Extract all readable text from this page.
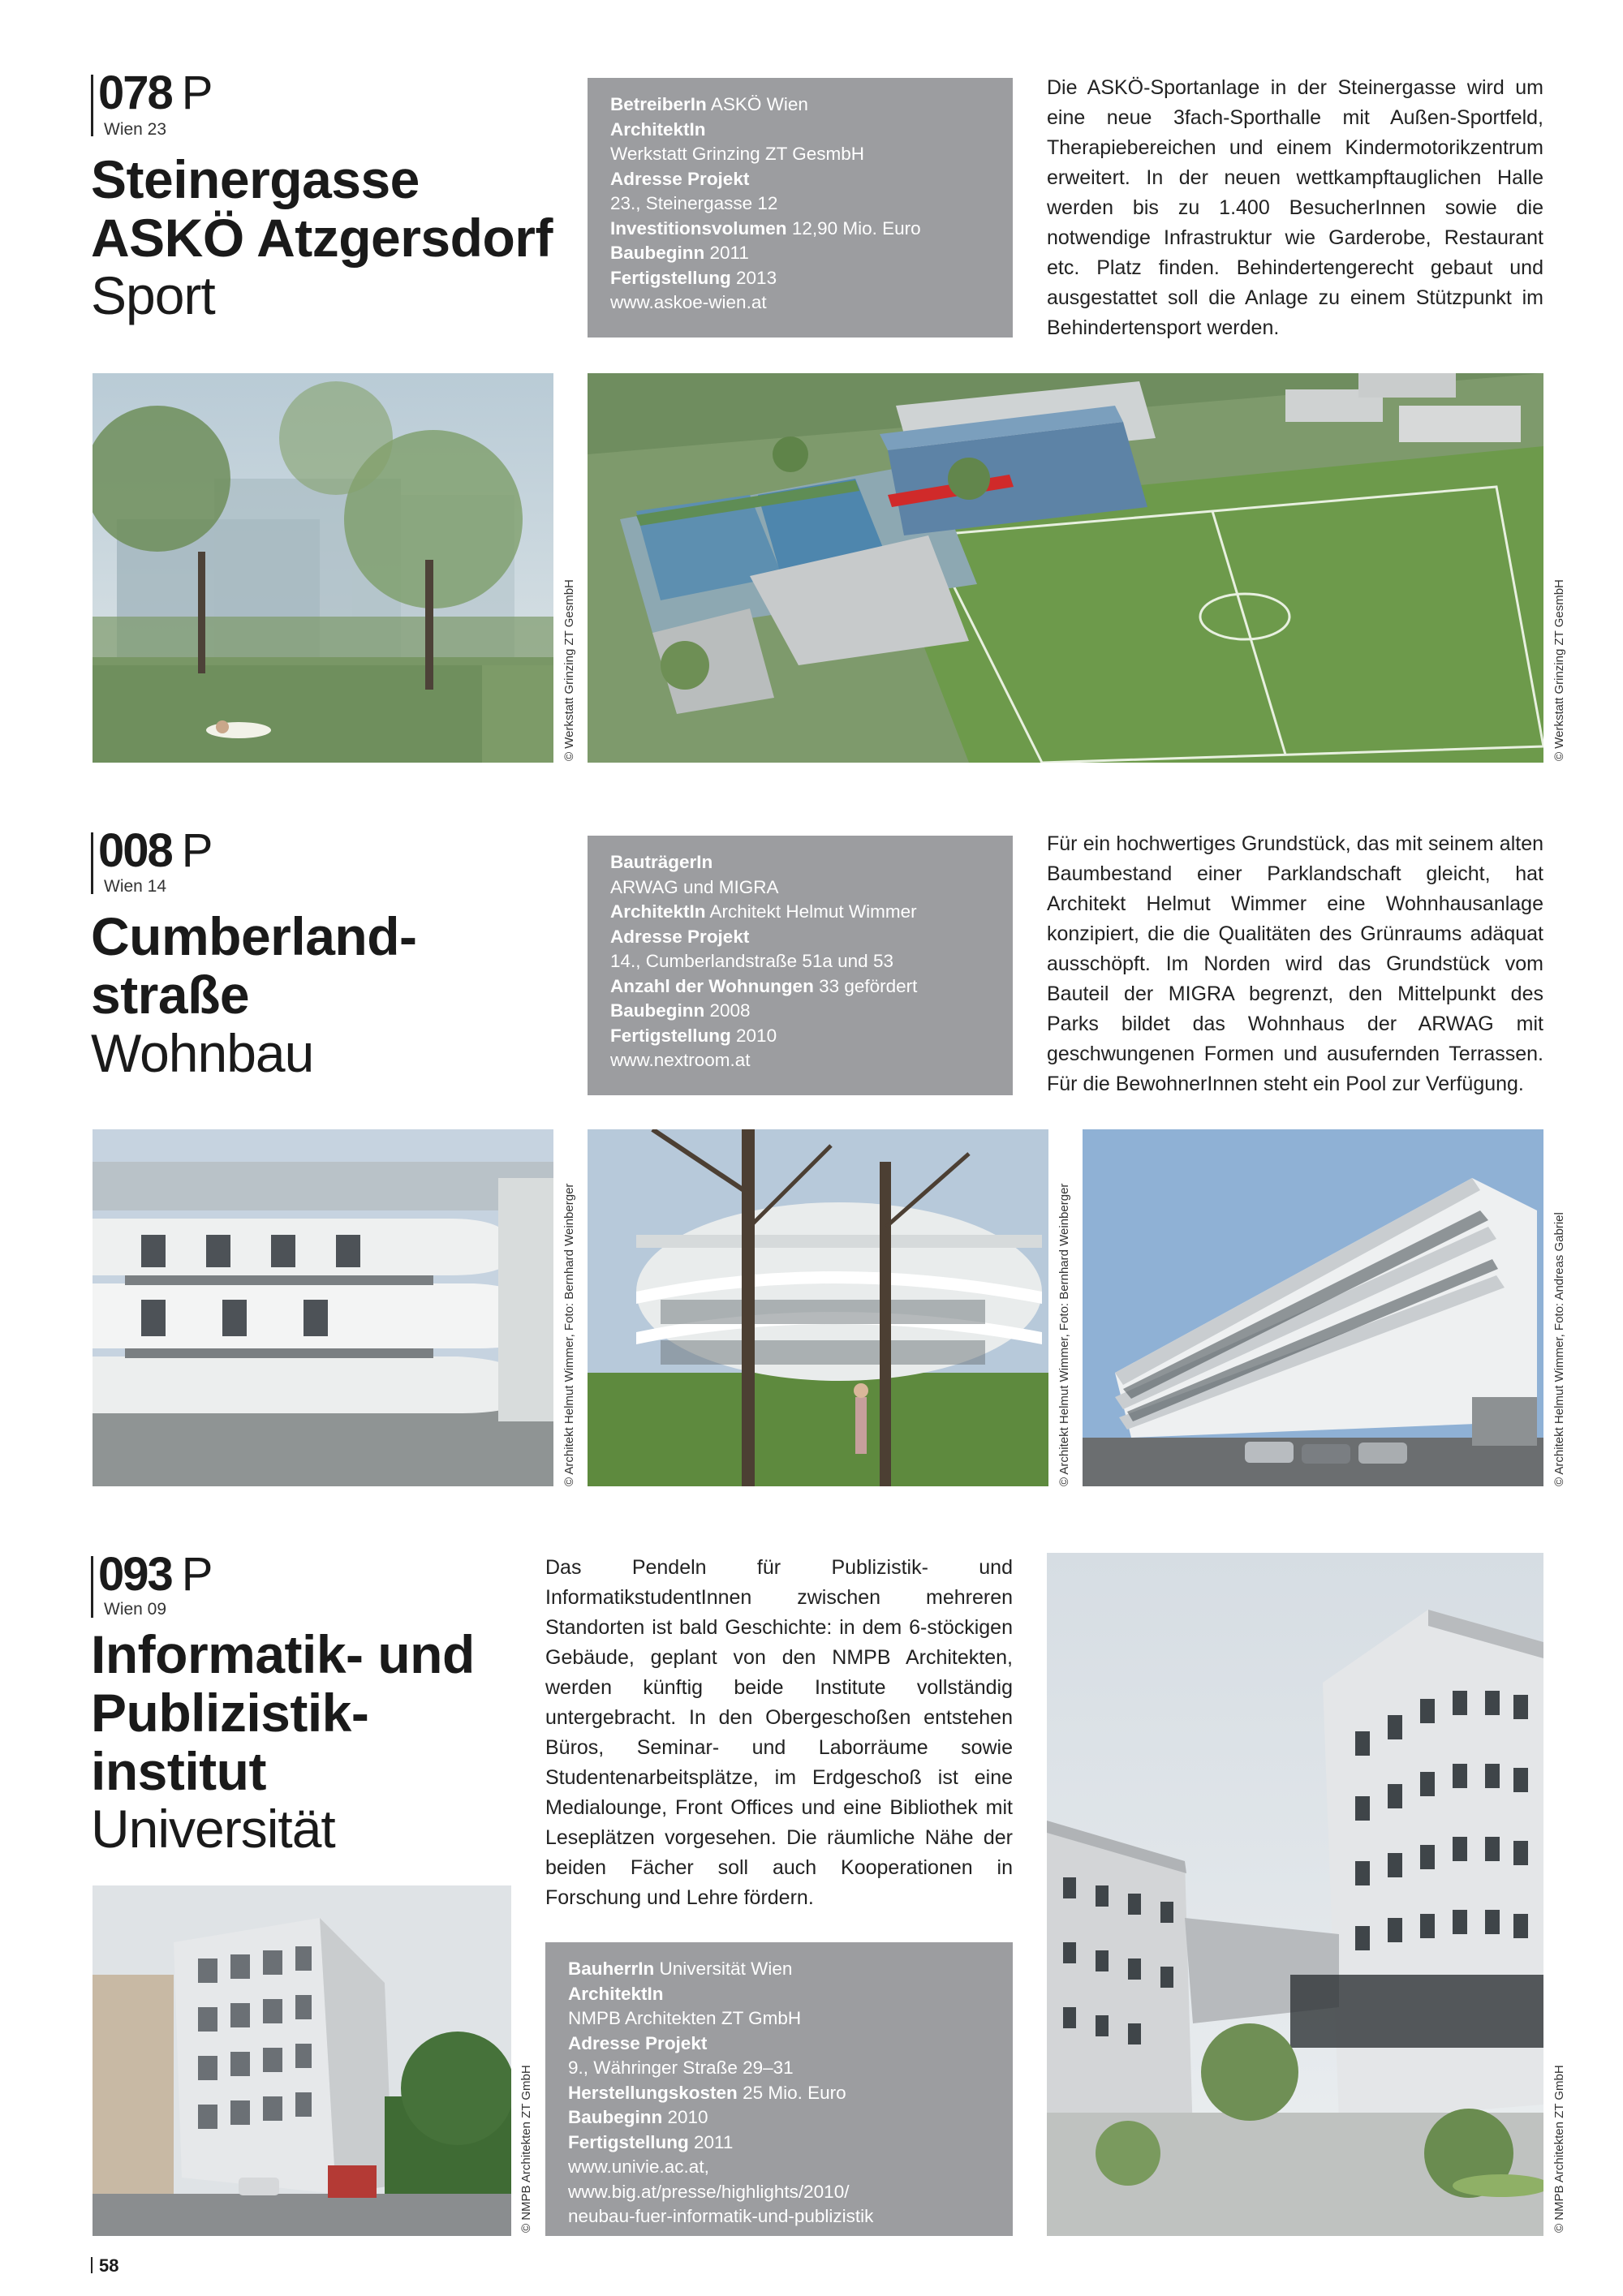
078 P
Wien 23
Steinergasse
ASKÖ Atzgersdorf
Sport
BetreiberIn ASKÖ Wien
ArchitektIn
Werkstatt Grinzing ZT GesmbH
Adresse Projekt
23., Steinergasse 12
Investitionsvolumen 12,90 Mio. Euro
Baubeginn 2011
Fertigstellung 2013
www.askoe-wien.at
Die ASKÖ-Sportanlage in der Steinergasse wird um eine neue 3fach-Sporthalle mit Außen-Sportfeld, Therapiebereichen und einem Kindermotorikzentrum erweitert. In der neuen wettkampftauglichen Halle werden bis zu 1.400 BesucherInnen sowie die notwendige Infrastruktur wie Garderobe, Restaurant etc. Platz finden. Behindertengerecht gebaut und ausgestattet soll die Anlage zu einem Stützpunkt im Behindertensport werden.
© Werkstatt Grinzing ZT GesmbH	© Werkstatt Grinzing ZT GesmbH
008 P
Wien 14
Cumberland-
straße
Wohnbau
BauträgerIn
ARWAG und MIGRA
ArchitektIn Architekt Helmut Wimmer
Adresse Projekt
14., Cumberlandstraße 51a und 53
Anzahl der Wohnungen 33 gefördert
Baubeginn 2008
Fertigstellung 2010
www.nextroom.at
Für ein hochwertiges Grundstück, das mit seinem alten Baumbestand einer Parklandschaft gleicht, hat Architekt Helmut Wimmer eine Wohnhausanlage konzipiert, die die Qualitäten des Grünraums adäquat ausschöpft. Im Norden wird das Grundstück vom Bauteil der MIGRA begrenzt, den Mittelpunkt des Parks bildet das Wohnhaus der ARWAG mit geschwungenen Formen und ausufernden Terrassen. Für die BewohnerInnen steht ein Pool zur Verfügung.
© Architekt Helmut Wimmer, Foto: Bernhard Weinberger	© Architekt Helmut Wimmer, Foto: Bernhard Weinberger	© Architekt Helmut Wimmer, Foto: Andreas Gabriel
093 P
Wien 09
Informatik- und
Publizistik-
institut
Universität
Das Pendeln für Publizistik- und InformatikstudentInnen zwischen mehreren Standorten ist bald Geschichte: in dem 6-stöckigen Gebäude, geplant von den NMPB Architekten, werden künftig beide Institute vollständig untergebracht. In den Obergeschoßen entstehen Büros, Seminar- und Laborräume sowie Studentenarbeitsplätze, im Erdgeschoß ist eine Medialounge, Front Offices und eine Bibliothek mit Leseplätzen vorgesehen. Die räumliche Nähe der beiden Fächer soll auch Kooperationen in Forschung und Lehre fördern.
© NMPB Architekten ZT GmbH
BauherrIn Universität Wien
ArchitektIn
NMPB Architekten ZT GmbH
Adresse Projekt
9., Währinger Straße 29–31
Herstellungskosten 25 Mio. Euro
Baubeginn 2010
Fertigstellung 2011
www.univie.ac.at,
www.big.at/presse/highlights/2010/
neubau-fuer-informatik-und-publizistik	© NMPB Architekten ZT GmbH
58
